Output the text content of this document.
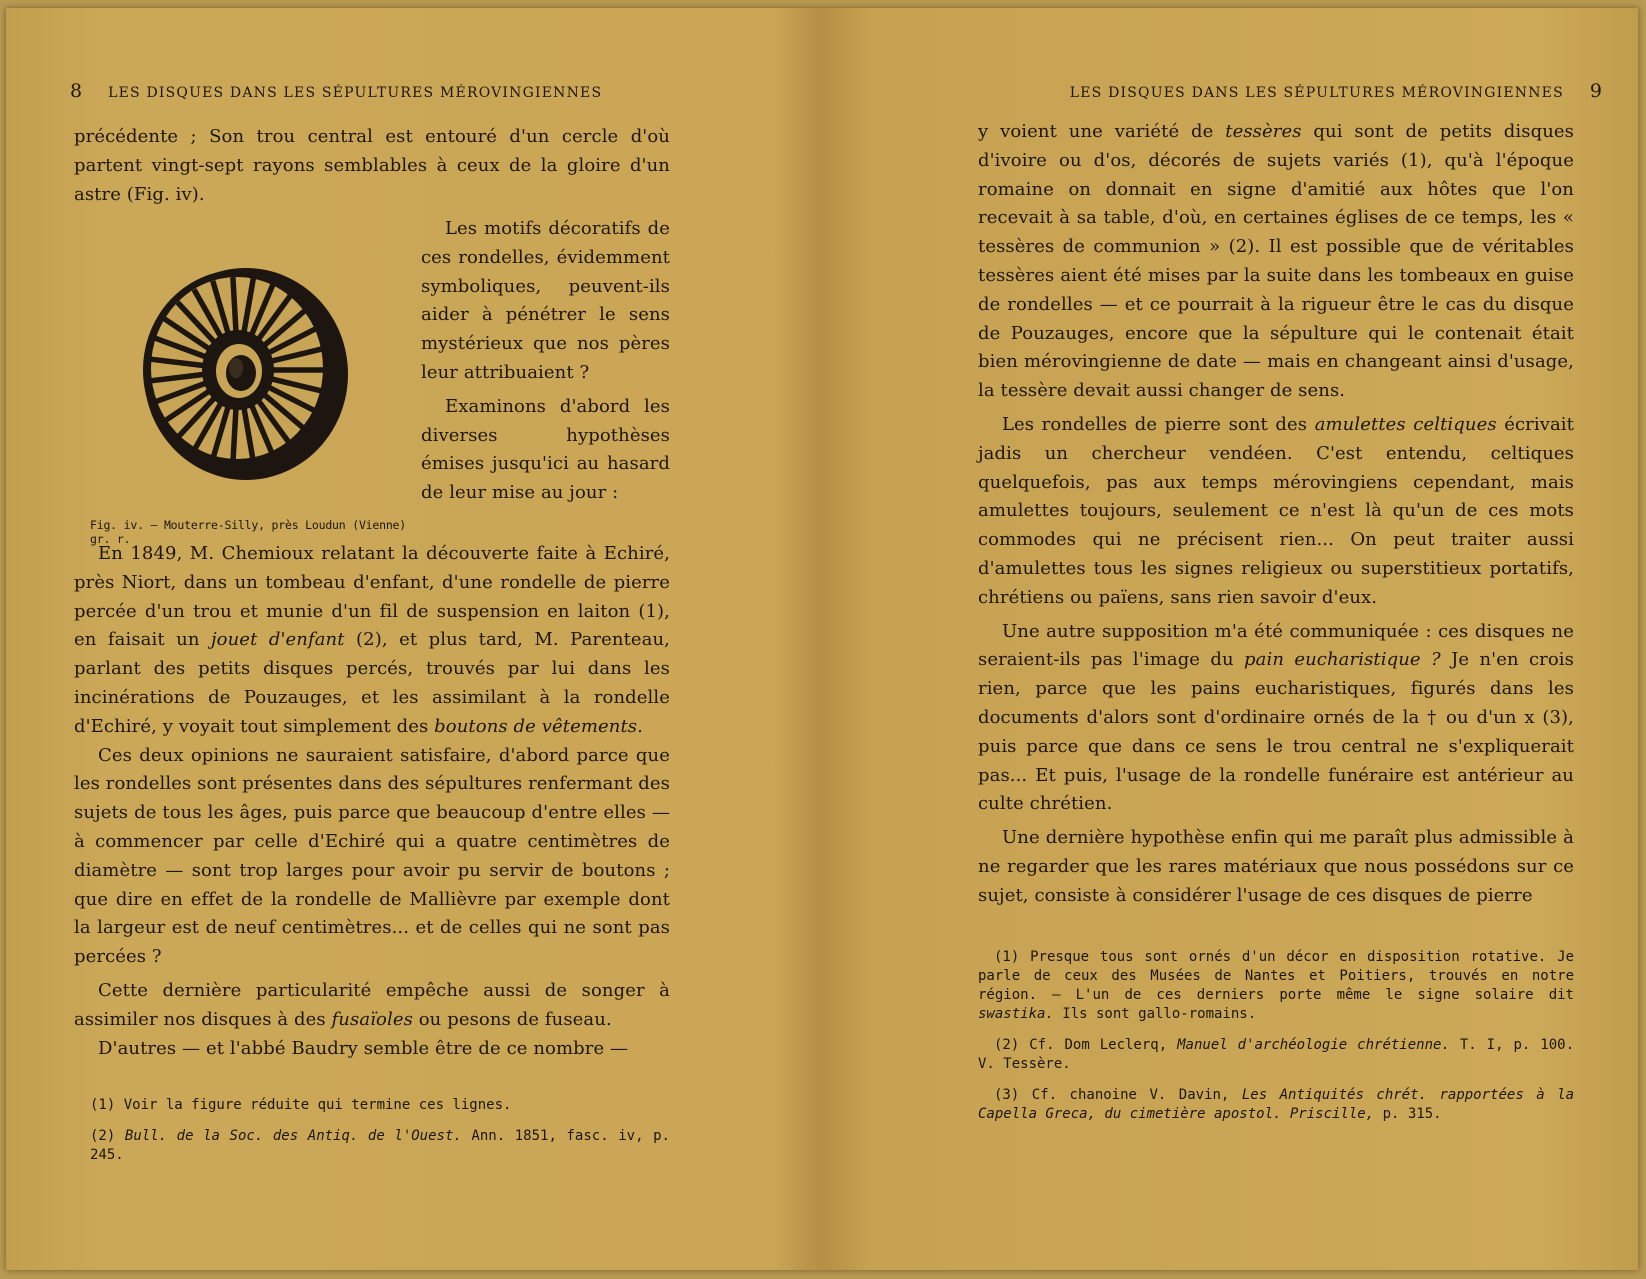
8 LES DISQUES DANS LES SÉPULTURES MÉROVINGIENNES

précédente ; Son trou central est entouré d'un cercle d'où partent vingt-sept rayons semblables à ceux de la gloire d'un astre (Fig. iv).

Fig. iv. — Mouterre-Silly, près Loudun (Vienne) gr. r.

Les motifs décoratifs de ces rondelles, évidemment symboliques, peuvent-ils aider à pénétrer le sens mystérieux que nos pères leur attribuaient ?

Examinons d'abord les diverses hypothèses émises jusqu'ici au hasard de leur mise au jour :

En 1849, M. Chemioux relatant la découverte faite à Echiré, près Niort, dans un tombeau d'enfant, d'une rondelle de pierre percée d'un trou et munie d'un fil de suspension en laiton (1), en faisait un jouet d'enfant (2), et plus tard, M. Parenteau, parlant des petits disques percés, trouvés par lui dans les incinérations de Pouzauges, et les assimilant à la rondelle d'Echiré, y voyait tout simplement des boutons de vêtements.

Ces deux opinions ne sauraient satisfaire, d'abord parce que les rondelles sont présentes dans des sépultures renfermant des sujets de tous les âges, puis parce que beaucoup d'entre elles — à commencer par celle d'Echiré qui a quatre centimètres de diamètre — sont trop larges pour avoir pu servir de boutons ; que dire en effet de la rondelle de Mallièvre par exemple dont la largeur est de neuf centimètres... et de celles qui ne sont pas percées ?

Cette dernière particularité empêche aussi de songer à assimiler nos disques à des fusaïoles ou pesons de fuseau.

D'autres — et l'abbé Baudry semble être de ce nombre —

(1) Voir la figure réduite qui termine ces lignes.
(2) Bull. de la Soc. des Antiq. de l'Ouest. Ann. 1851, fasc. iv, p. 245.
LES DISQUES DANS LES SÉPULTURES MÉROVINGIENNES 9

y voient une variété de tessères qui sont de petits disques d'ivoire ou d'os, décorés de sujets variés (1), qu'à l'époque romaine on donnait en signe d'amitié aux hôtes que l'on recevait à sa table, d'où, en certaines églises de ce temps, les « tessères de communion » (2). Il est possible que de véritables tessères aient été mises par la suite dans les tombeaux en guise de rondelles — et ce pourrait à la rigueur être le cas du disque de Pouzauges, encore que la sépulture qui le contenait était bien mérovingienne de date — mais en changeant ainsi d'usage, la tessère devait aussi changer de sens.

Les rondelles de pierre sont des amulettes celtiques écrivait jadis un chercheur vendéen. C'est entendu, celtiques quelquefois, pas aux temps mérovingiens cependant, mais amulettes toujours, seulement ce n'est là qu'un de ces mots commodes qui ne précisent rien... On peut traiter aussi d'amulettes tous les signes religieux ou superstitieux portatifs, chrétiens ou païens, sans rien savoir d'eux.

Une autre supposition m'a été communiquée : ces disques ne seraient-ils pas l'image du pain eucharistique ? Je n'en crois rien, parce que les pains eucharistiques, figurés dans les documents d'alors sont d'ordinaire ornés de la † ou d'un x (3), puis parce que dans ce sens le trou central ne s'expliquerait pas... Et puis, l'usage de la rondelle funéraire est antérieur au culte chrétien.

Une dernière hypothèse enfin qui me paraît plus admissible à ne regarder que les rares matériaux que nous possédons sur ce sujet, consiste à considérer l'usage de ces disques de pierre

(1) Presque tous sont ornés d'un décor en disposition rotative. Je parle de ceux des Musées de Nantes et Poitiers, trouvés en notre région. — L'un de ces derniers porte même le signe solaire dit swastika. Ils sont gallo-romains.
(2) Cf. Dom Leclerq, Manuel d'archéologie chrétienne. T. I, p. 100. V. Tessère.
(3) Cf. chanoine V. Davin, Les Antiquités chrét. rapportées à la Capella Greca, du cimetière apostol. Priscille, p. 315.
